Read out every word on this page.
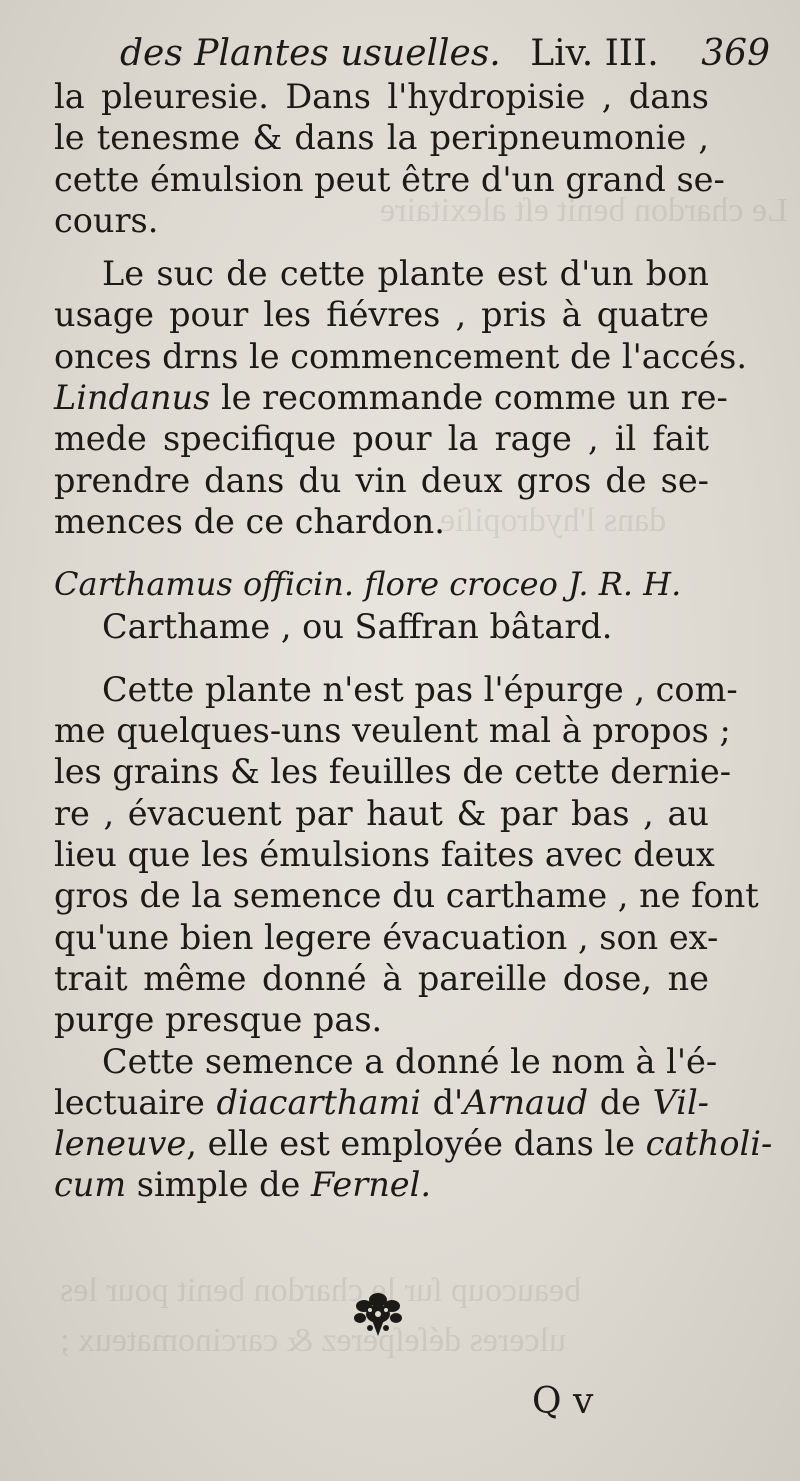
Le chardon benit eſt alexitaire
dans l'hydropiſie
beaucoup ſur le chardon benit pour les
ulceres déſeſperez & carcinomateux ;
des Plantes usuelles. Liv. III. 369
la pleuresie. Dans l'hydropisie , dans
le tenesme & dans la peripneumonie ,
cette émulsion peut être d'un grand se-
cours.
Le suc de cette plante est d'un bon
usage pour les fiévres , pris à quatre
onces drns le commencement de l'accés.
Lindanus le recommande comme un re-
mede specifique pour la rage , il fait
prendre dans du vin deux gros de se-
mences de ce chardon.
Carthamus officin. flore croceo J. R. H.
Carthame , ou Saffran bâtard.
Cette plante n'est pas l'épurge , com-
me quelques-uns veulent mal à propos ;
les grains & les feuilles de cette dernie-
re , évacuent par haut & par bas , au
lieu que les émulsions faites avec deux
gros de la semence du carthame , ne font
qu'une bien legere évacuation , son ex-
trait même donné à pareille dose, ne
purge presque pas.
Cette semence a donné le nom à l'é-
lectuaire diacarthami d'Arnaud de Vil-
leneuve, elle est employée dans le catholi-
cum simple de Fernel.
Q v
